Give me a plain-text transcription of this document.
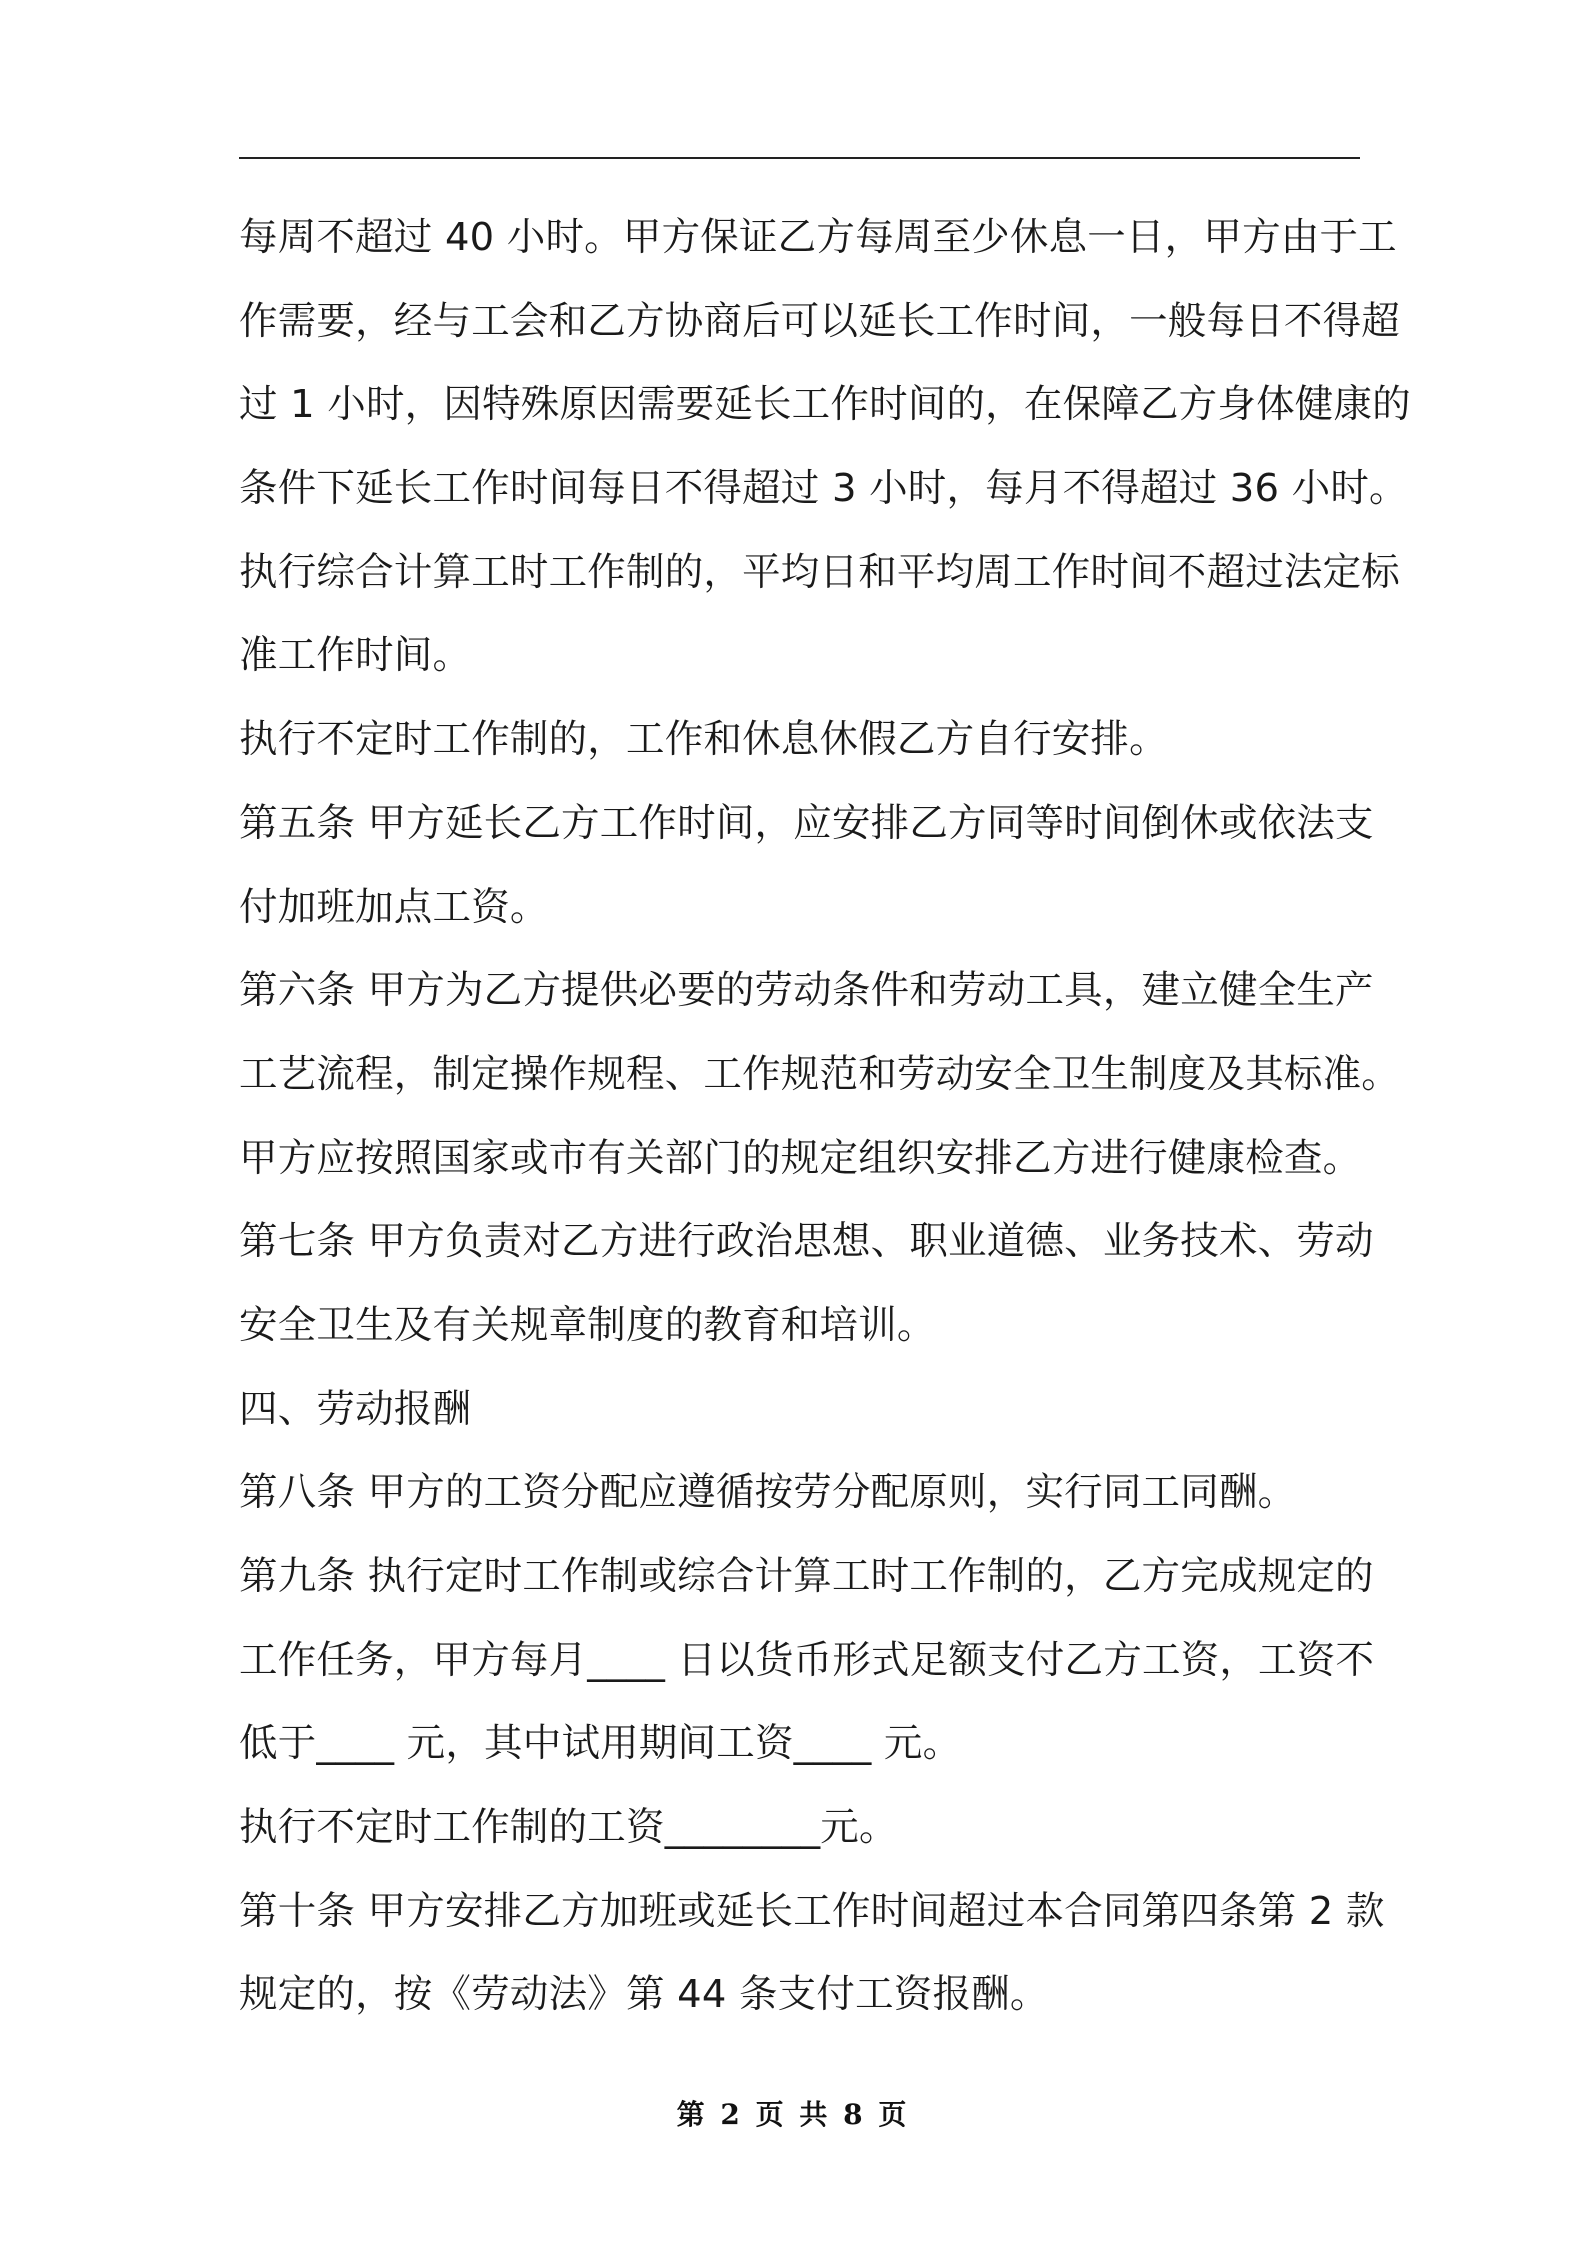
每周不超过 40 小时。甲方保证乙方每周至少休息一日，甲方由于工
作需要，经与工会和乙方协商后可以延长工作时间，一般每日不得超
过 1 小时，因特殊原因需要延长工作时间的，在保障乙方身体健康的
条件下延长工作时间每日不得超过 3 小时，每月不得超过 36 小时。
执行综合计算工时工作制的，平均日和平均周工作时间不超过法定标
准工作时间。
执行不定时工作制的，工作和休息休假乙方自行安排。
第五条 甲方延长乙方工作时间，应安排乙方同等时间倒休或依法支
付加班加点工资。
第六条 甲方为乙方提供必要的劳动条件和劳动工具，建立健全生产
工艺流程，制定操作规程、工作规范和劳动安全卫生制度及其标准。
甲方应按照国家或市有关部门的规定组织安排乙方进行健康检查。
第七条 甲方负责对乙方进行政治思想、职业道德、业务技术、劳动
安全卫生及有关规章制度的教育和培训。
四、劳动报酬
第八条 甲方的工资分配应遵循按劳分配原则，实行同工同酬。
第九条 执行定时工作制或综合计算工时工作制的，乙方完成规定的
工作任务，甲方每月____ 日以货币形式足额支付乙方工资，工资不
低于____ 元，其中试用期间工资____ 元。
执行不定时工作制的工资________元。
第十条 甲方安排乙方加班或延长工作时间超过本合同第四条第 2 款
规定的，按《劳动法》第 44 条支付工资报酬。
第 2 页 共 8 页
